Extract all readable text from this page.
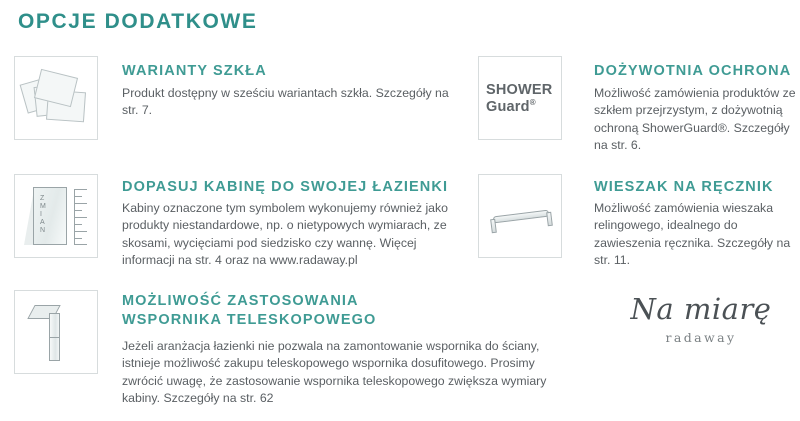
OPCJE DODATKOWE
WARIANTY SZKŁA
Produkt dostępny w sześciu wariantach szkła. Szczegóły na str. 7.
SHOWER
Guard®
DOŻYWOTNIA OCHRONA
Możliwość zamówienia produktów ze szkłem przejrzystym, z dożywotnią ochroną ShowerGuard®. Szczegóły na str. 6.
Z
M
I
A
N
DOPASUJ KABINĘ DO SWOJEJ ŁAZIENKI
Kabiny oznaczone tym symbolem wykonujemy również jako produkty niestandardowe, np. o nietypowych wymiarach, ze skosami, wycięciami pod siedzisko czy wannę. Więcej informacji na str. 4 oraz na www.radaway.pl
WIESZAK NA RĘCZNIK
Możliwość zamówienia wieszaka relingowego, idealnego do zawieszenia ręcznika. Szczegóły na str. 11.
MOŻLIWOŚĆ ZASTOSOWANIA
WSPORNIKA TELESKOPOWEGO
Jeżeli aranżacja łazienki nie pozwala na zamontowanie wspornika do ściany, istnieje możliwość zakupu teleskopowego wspornika dosufitowego. Prosimy zwrócić uwagę, że zastosowanie wspornika teleskopowego zwiększa wymiary kabiny. Szczegóły na str. 62
Na miarę
radaway
